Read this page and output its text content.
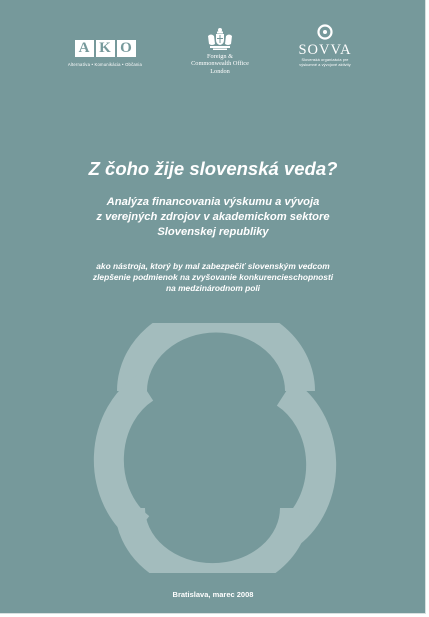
A K O
Alternatíva • Komunikácia • Občania
Foreign &
Commonwealth Office
London
SOVVA
Slovenská organizácia pre
výskumné a vývojové aktivity
Z čoho žije slovenská veda?
Analýza financovania výskumu a vývoja
z verejných zdrojov v akademickom sektore
Slovenskej republiky
ako nástroja, ktorý by mal zabezpečiť slovenským vedcom
zlepšenie podmienok na zvyšovanie konkurencieschopnosti
na medzinárodnom poli
Bratislava, marec 2008
